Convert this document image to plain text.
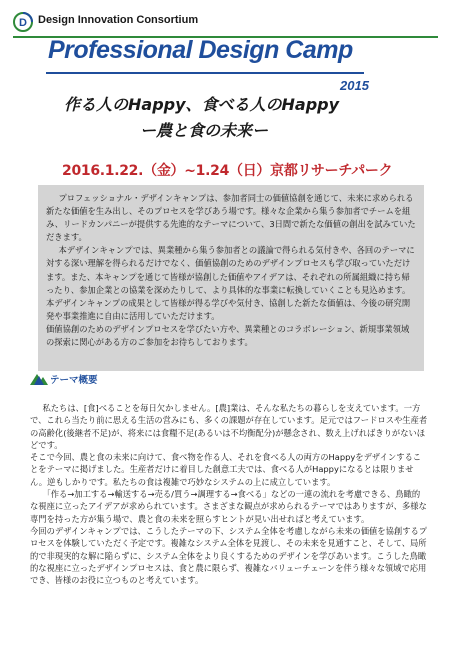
D Design Innovation Consortium
Professional Design Camp
2015
作る人のHappy、食べる人のHappy
ー農と食の未来ー
2016.1.22.（金）~1.24（日）京都リサーチパーク

プロフェッショナル・デザインキャンプは、参加者同士の価値協創を通じて、未来に求められる新たな価値を生み出し、そのプロセスを学びあう場です。様々な企業から集う参加者でチームを組み、リードカンパニーが提供する先進的なテーマについて、3日間で新たな価値の創出を試みていただきます。

本デザインキャンプでは、異業種から集う参加者との議論で得られる気付きや、各回のテーマに対する深い理解を得られるだけでなく、価値協創のためのデザインプロセスも学び取っていただけます。また、本キャンプを通じて皆様が協創した価値やアイデアは、それぞれの所属組織に持ち帰ったり、参加企業との協業を深めたりして、より具体的な事業に転換していくことも見込めます。本デザインキャンプの成果として皆様が得る学びや気付き、協創した新たな価値は、今後の研究開発や事業推進に自由に活用していただけます。

価値協創のためのデザインプロセスを学びたい方や、異業種とのコラボレーション、新規事業領域の探索に関心がある方のご参加をお待ちしております。

テーマ概要

私たちは、[食]べることを毎日欠かしません。[農]業は、そんな私たちの暮らしを支えています。一方で、これら当たり前に思える生活の営みにも、多くの課題が存在しています。足元ではフードロスや生産者の高齢化(後継者不足)が、将来には食糧不足(あるいは不均衡配分)が懸念され、数え上げればきりがないほどです。

そこで今回、農と食の未来に向けて、食べ物を作る人、それを食べる人の両方のHappyをデザインすることをテーマに掲げました。生産者だけに着目した創意工夫では、食べる人がHappyになるとは限りません。逆もしかりです。私たちの食は複雑で巧妙なシステムの上に成立しています。

「作る→加工する→輸送する→売る/買う→調理する→食べる」などの一連の流れを考慮できる、鳥瞰的な視座に立ったアイデアが求められています。さまざまな観点が求められるテーマではありますが、多様な専門を持った方が集う場で、農と食の未来を照らすヒントが見い出せればと考えています。

今回のデザインキャンプでは、こうしたテーマの下、システム全体を考慮しながら未来の価値を協創するプロセスを体験していただく予定です。複雑なシステム全体を見渡し、その未来を見通すこと、そして、局所的で非現実的な解に陥らずに、システム全体をより良くするためのデザインを学びあいます。こうした鳥瞰的な視座に立ったデザインプロセスは、食と農に限らず、複雑なバリューチェーンを伴う様々な領域で応用でき、皆様のお役に立つものと考えています。
